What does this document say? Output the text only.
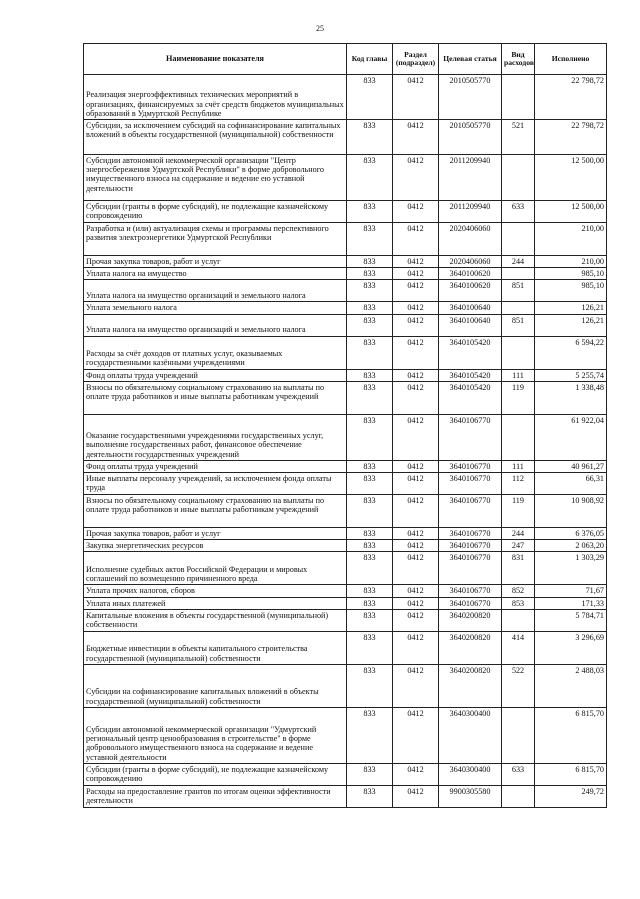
25
Наименование показателя	Код главы	Раздел (подраздел)	Целевая статья	Вид расходов	Исполнено
Реализация энергоэффективных технических мероприятий в организациях, финансируемых за счёт средств бюджетов муниципальных образований в Удмуртской Республике	833	0412	2010505770		22 798,72
Субсидии, за исключением субсидий на софинансирование капитальных вложений в объекты государственной (муниципальной) собственности	833	0412	2010505770	521	22 798,72
Субсидии автономной некоммерческой организации "Центр энергосбережения Удмуртской Республики" в форме добровольного имущественного взноса на содержание и ведение ею уставной деятельности	833	0412	2011209940		12 500,00
Субсидии (гранты в форме субсидий), не подлежащие казначейскому сопровождению	833	0412	2011209940	633	12 500,00
Разработка и (или) актуализация схемы и программы перспективного развития электроэнергетики Удмуртской Республики	833	0412	2020406060		210,00
Прочая закупка товаров, работ и услуг	833	0412	2020406060	244	210,00
Уплата налога на имущество	833	0412	3640100620		985,10
Уплата налога на имущество организаций и земельного налога	833	0412	3640100620	851	985,10
Уплата земельного налога	833	0412	3640100640		126,21
Уплата налога на имущество организаций и земельного налога	833	0412	3640100640	851	126,21
Расходы за счёт доходов от платных услуг, оказываемых государственными казёнными учреждениями	833	0412	3640105420		6 594,22
Фонд оплаты труда учреждений	833	0412	3640105420	111	5 255,74
Взносы по обязательному социальному страхованию на выплаты по оплате труда работников и иные выплаты работникам учреждений	833	0412	3640105420	119	1 338,48
Оказание государственными учреждениями государственных услуг, выполнение государственных работ, финансовое обеспечение деятельности государственных учреждений	833	0412	3640106770		61 922,04
Фонд оплаты труда учреждений	833	0412	3640106770	111	40 961,27
Иные выплаты персоналу учреждений, за исключением фонда оплаты труда	833	0412	3640106770	112	66,31
Взносы по обязательному социальному страхованию на выплаты по оплате труда работников и иные выплаты работникам учреждений	833	0412	3640106770	119	10 908,92
Прочая закупка товаров, работ и услуг	833	0412	3640106770	244	6 376,05
Закупка энергетических ресурсов	833	0412	3640106770	247	2 063,20
Исполнение судебных актов Российской Федерации и мировых соглашений по возмещению причиненного вреда	833	0412	3640106770	831	1 303,29
Уплата прочих налогов, сборов	833	0412	3640106770	852	71,67
Уплата иных платежей	833	0412	3640106770	853	171,33
Капитальные вложения в объекты государственной (муниципальной) собственности	833	0412	3640200820		5 784,71
Бюджетные инвестиции в объекты капитального строительства государственной (муниципальной) собственности	833	0412	3640200820	414	3 296,69
Субсидии на софинансирование капитальных вложений в объекты государственной (муниципальной) собственности	833	0412	3640200820	522	2 488,03
Субсидии автономной некоммерческой организации "Удмуртский региональный центр ценообразования в строительстве" в форме добровольного имущественного взноса на содержание и ведение уставной деятельности	833	0412	3640300400		6 815,70
Субсидии (гранты в форме субсидий), не подлежащие казначейскому сопровождению	833	0412	3640300400	633	6 815,70
Расходы на предоставление грантов по итогам оценки эффективности деятельности	833	0412	9900305580		249,72
